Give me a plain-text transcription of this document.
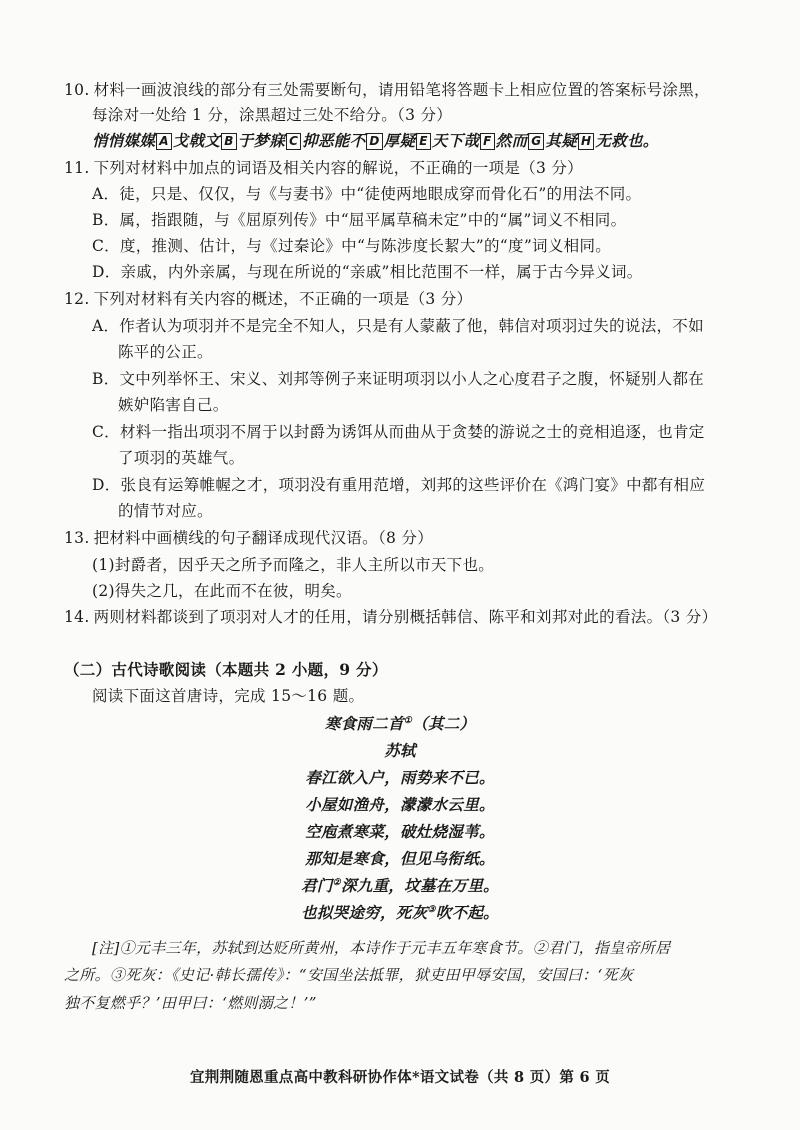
10. 材料一画波浪线的部分有三处需要断句，请用铅笔将答题卡上相应位置的答案标号涂黑，
每涂对一处给 1 分，涂黑超过三处不给分。（3 分）
悄悄媒媒 A 戈戟文 B 于梦寐 C 抑恶能不 D 厚疑 E 天下哉 F 然而 G 其疑 H 无救也。
11. 下列对材料中加点的词语及相关内容的解说，不正确的一项是（3 分）
A．徒，只是、仅仅，与《与妻书》中“徒使两地眼成穿而骨化石”的用法不同。
B．属，指跟随，与《屈原列传》中“屈平属草稿未定”中的“属”词义不相同。
C．度，推测、估计，与《过秦论》中“与陈涉度长絜大”的“度”词义相同。
D．亲戚，内外亲属，与现在所说的“亲戚”相比范围不一样，属于古今异义词。
12. 下列对材料有关内容的概述，不正确的一项是（3 分）
A．作者认为项羽并不是完全不知人，只是有人蒙蔽了他，韩信对项羽过失的说法，不如
陈平的公正。
B．文中列举怀王、宋义、刘邦等例子来证明项羽以小人之心度君子之腹，怀疑别人都在
嫉妒陷害自己。
C．材料一指出项羽不屑于以封爵为诱饵从而曲从于贪婪的游说之士的竞相追逐，也肯定
了项羽的英雄气。
D．张良有运筹帷幄之才，项羽没有重用范增，刘邦的这些评价在《鸿门宴》中都有相应
的情节对应。
13. 把材料中画横线的句子翻译成现代汉语。（8 分）
(1)封爵者，因乎天之所予而隆之，非人主所以市天下也。
(2)得失之几，在此而不在彼，明矣。
14. 两则材料都谈到了项羽对人才的任用，请分别概括韩信、陈平和刘邦对此的看法。（3 分）
（二）古代诗歌阅读（本题共 2 小题，9 分）
阅读下面这首唐诗，完成 15～16 题。
寒食雨二首①（其二）
苏轼
春江欲入户，雨势来不已。
小屋如渔舟，濛濛水云里。
空庖煮寒菜，破灶烧湿苇。
那知是寒食，但见乌衔纸。
君门②深九重，坟墓在万里。
也拟哭途穷，死灰③吹不起。
[注]①元丰三年，苏轼到达贬所黄州，本诗作于元丰五年寒食节。②君门，指皇帝所居
之所。③死灰：《史记·韩长孺传》：“安国坐法抵罪，狱吏田甲辱安国，安国曰：‘死灰
独不复燃乎？’田甲曰：‘燃则溺之！’”
宜荆荆随恩重点高中教科研协作体*语文试卷（共 8 页）第 6 页
